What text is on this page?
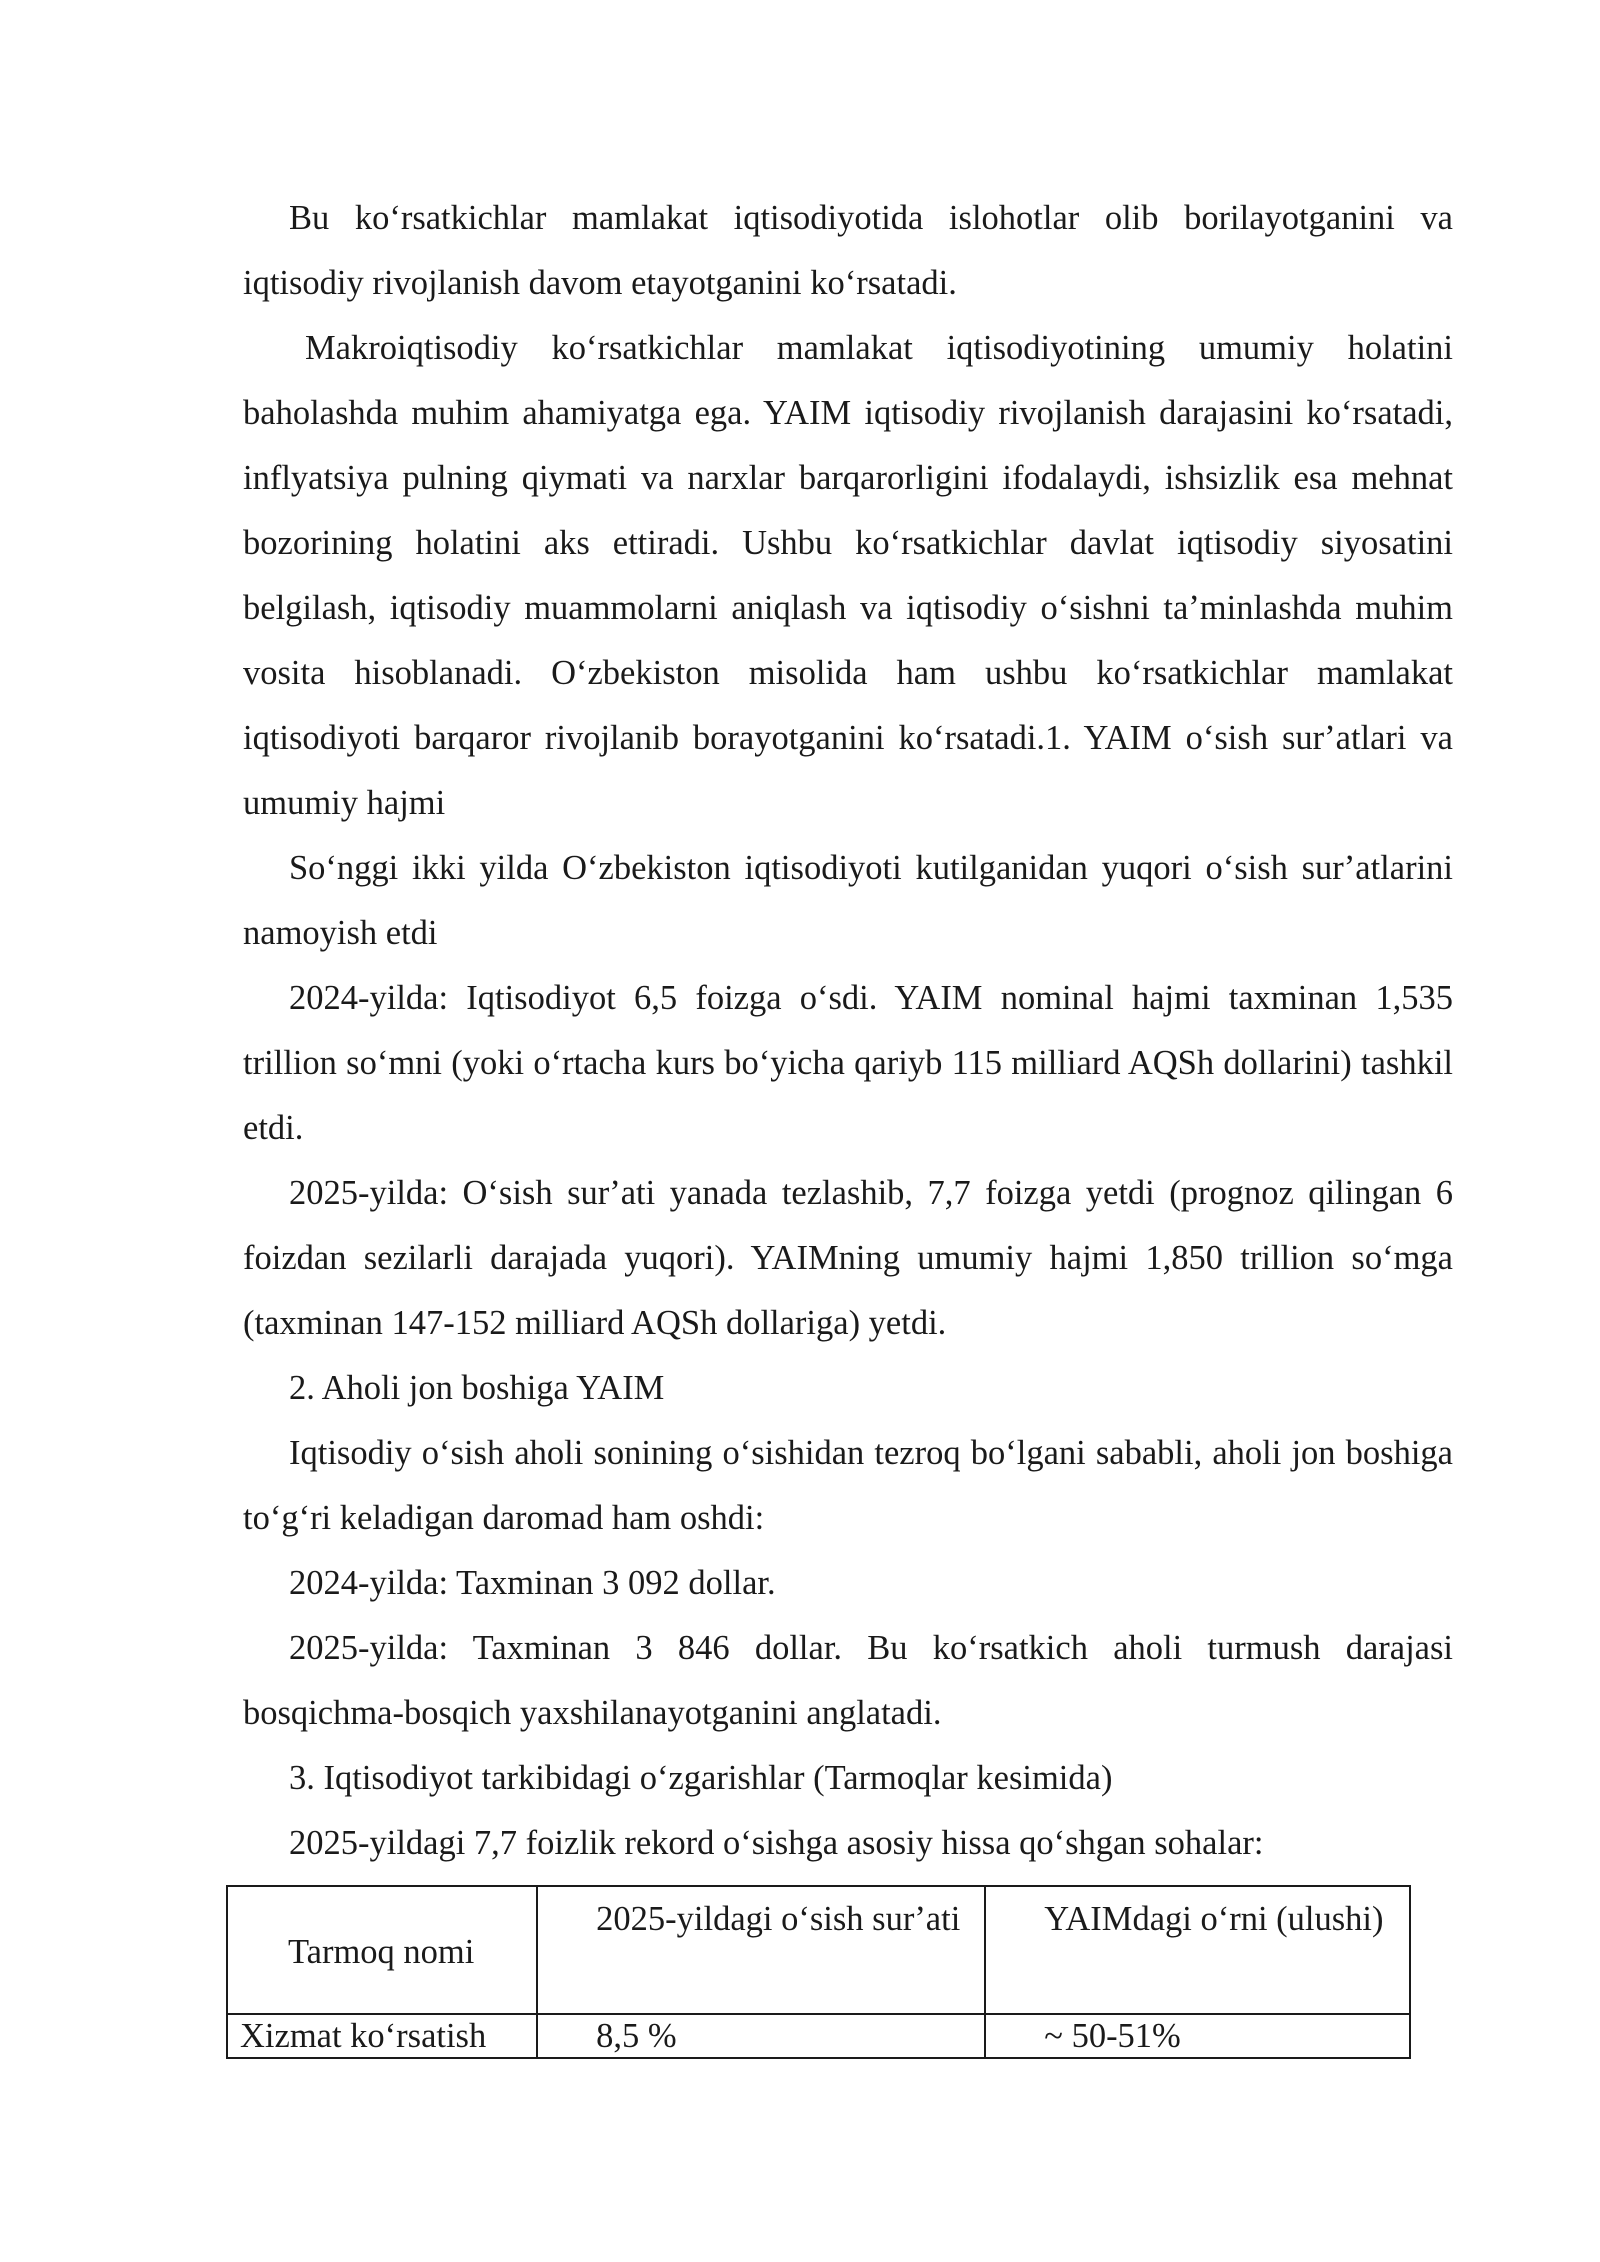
Bu koʻrsatkichlar mamlakat iqtisodiyotida islohotlar olib borilayotganini va iqtisodiy rivojlanish davom etayotganini koʻrsatadi.

Makroiqtisodiy koʻrsatkichlar mamlakat iqtisodiyotining umumiy holatini baholashda muhim ahamiyatga ega. YAIM iqtisodiy rivojlanish darajasini koʻrsatadi, inflyatsiya pulning qiymati va narxlar barqarorligini ifodalaydi, ishsizlik esa mehnat bozorining holatini aks ettiradi. Ushbu koʻrsatkichlar davlat iqtisodiy siyosatini belgilash, iqtisodiy muammolarni aniqlash va iqtisodiy oʻsishni taʼminlashda muhim vosita hisoblanadi. Oʻzbekiston misolida ham ushbu koʻrsatkichlar mamlakat iqtisodiyoti barqaror rivojlanib borayotganini koʻrsatadi.1. YAIM oʻsish surʼatlari va umumiy hajmi

Soʻnggi ikki yilda Oʻzbekiston iqtisodiyoti kutilganidan yuqori oʻsish surʼatlarini namoyish etdi

2024-yilda: Iqtisodiyot 6,5 foizga oʻsdi. YAIM nominal hajmi taxminan 1,535 trillion soʻmni (yoki oʻrtacha kurs boʻyicha qariyb 115 milliard AQSh dollarini) tashkil etdi.

2025-yilda: Oʻsish surʼati yanada tezlashib, 7,7 foizga yetdi (prognoz qilingan 6 foizdan sezilarli darajada yuqori). YAIMning umumiy hajmi 1,850 trillion soʻmga (taxminan 147-152 milliard AQSh dollariga) yetdi.

2. Aholi jon boshiga YAIM

Iqtisodiy oʻsish aholi sonining oʻsishidan tezroq boʻlgani sababli, aholi jon boshiga toʻgʻri keladigan daromad ham oshdi:

2024-yilda: Taxminan 3 092 dollar.

2025-yilda: Taxminan 3 846 dollar. Bu koʻrsatkich aholi turmush darajasi bosqichma-bosqich yaxshilanayotganini anglatadi.

3. Iqtisodiyot tarkibidagi oʻzgarishlar (Tarmoqlar kesimida)

2025-yildagi 7,7 foizlik rekord oʻsishga asosiy hissa qoʻshgan sohalar:

Tarmoq nomi	2025-yildagi oʻsish surʼati	YAIMdagi oʻrni (ulushi)

Xizmat koʻrsatish	8,5 %	~ 50-51%
